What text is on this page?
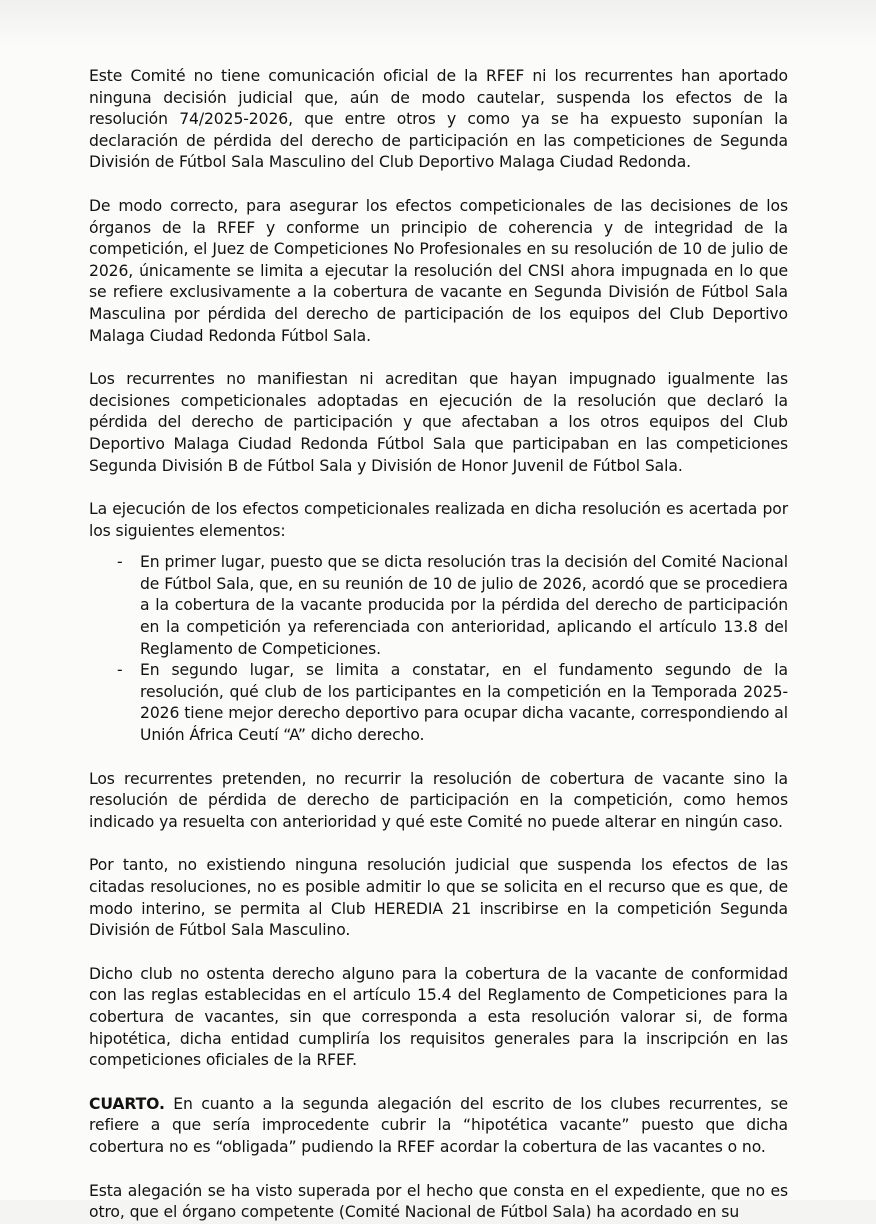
Este Comité no tiene comunicación oficial de la RFEF ni los recurrentes han aportado ninguna decisión judicial que, aún de modo cautelar, suspenda los efectos de la resolución 74/2025-2026, que entre otros y como ya se ha expuesto suponían la declaración de pérdida del derecho de participación en las competiciones de Segunda División de Fútbol Sala Masculino del Club Deportivo Malaga Ciudad Redonda.

De modo correcto, para asegurar los efectos competicionales de las decisiones de los órganos de la RFEF y conforme un principio de coherencia y de integridad de la competición, el Juez de Competiciones No Profesionales en su resolución de 10 de julio de 2026, únicamente se limita a ejecutar la resolución del CNSI ahora impugnada en lo que se refiere exclusivamente a la cobertura de vacante en Segunda División de Fútbol Sala Masculina por pérdida del derecho de participación de los equipos del Club Deportivo Malaga Ciudad Redonda Fútbol Sala.

Los recurrentes no manifiestan ni acreditan que hayan impugnado igualmente las decisiones competicionales adoptadas en ejecución de la resolución que declaró la pérdida del derecho de participación y que afectaban a los otros equipos del Club Deportivo Malaga Ciudad Redonda Fútbol Sala que participaban en las competiciones Segunda División B de Fútbol Sala y División de Honor Juvenil de Fútbol Sala.

La ejecución de los efectos competicionales realizada en dicha resolución es acertada por los siguientes elementos:

- En primer lugar, puesto que se dicta resolución tras la decisión del Comité Nacional de Fútbol Sala, que, en su reunión de 10 de julio de 2026, acordó que se procediera a la cobertura de la vacante producida por la pérdida del derecho de participación en la competición ya referenciada con anterioridad, aplicando el artículo 13.8 del Reglamento de Competiciones.
- En segundo lugar, se limita a constatar, en el fundamento segundo de la resolución, qué club de los participantes en la competición en la Temporada 2025-2026 tiene mejor derecho deportivo para ocupar dicha vacante, correspondiendo al Unión África Ceutí “A” dicho derecho.

Los recurrentes pretenden, no recurrir la resolución de cobertura de vacante sino la resolución de pérdida de derecho de participación en la competición, como hemos indicado ya resuelta con anterioridad y qué este Comité no puede alterar en ningún caso.

Por tanto, no existiendo ninguna resolución judicial que suspenda los efectos de las citadas resoluciones, no es posible admitir lo que se solicita en el recurso que es que, de modo interino, se permita al Club HEREDIA 21 inscribirse en la competición Segunda División de Fútbol Sala Masculino.

Dicho club no ostenta derecho alguno para la cobertura de la vacante de conformidad con las reglas establecidas en el artículo 15.4 del Reglamento de Competiciones para la cobertura de vacantes, sin que corresponda a esta resolución valorar si, de forma hipotética, dicha entidad cumpliría los requisitos generales para la inscripción en las competiciones oficiales de la RFEF.

CUARTO. En cuanto a la segunda alegación del escrito de los clubes recurrentes, se refiere a que sería improcedente cubrir la “hipotética vacante” puesto que dicha cobertura no es “obligada” pudiendo la RFEF acordar la cobertura de las vacantes o no.

Esta alegación se ha visto superada por el hecho que consta en el expediente, que no es otro, que el órgano competente (Comité Nacional de Fútbol Sala) ha acordado en su
